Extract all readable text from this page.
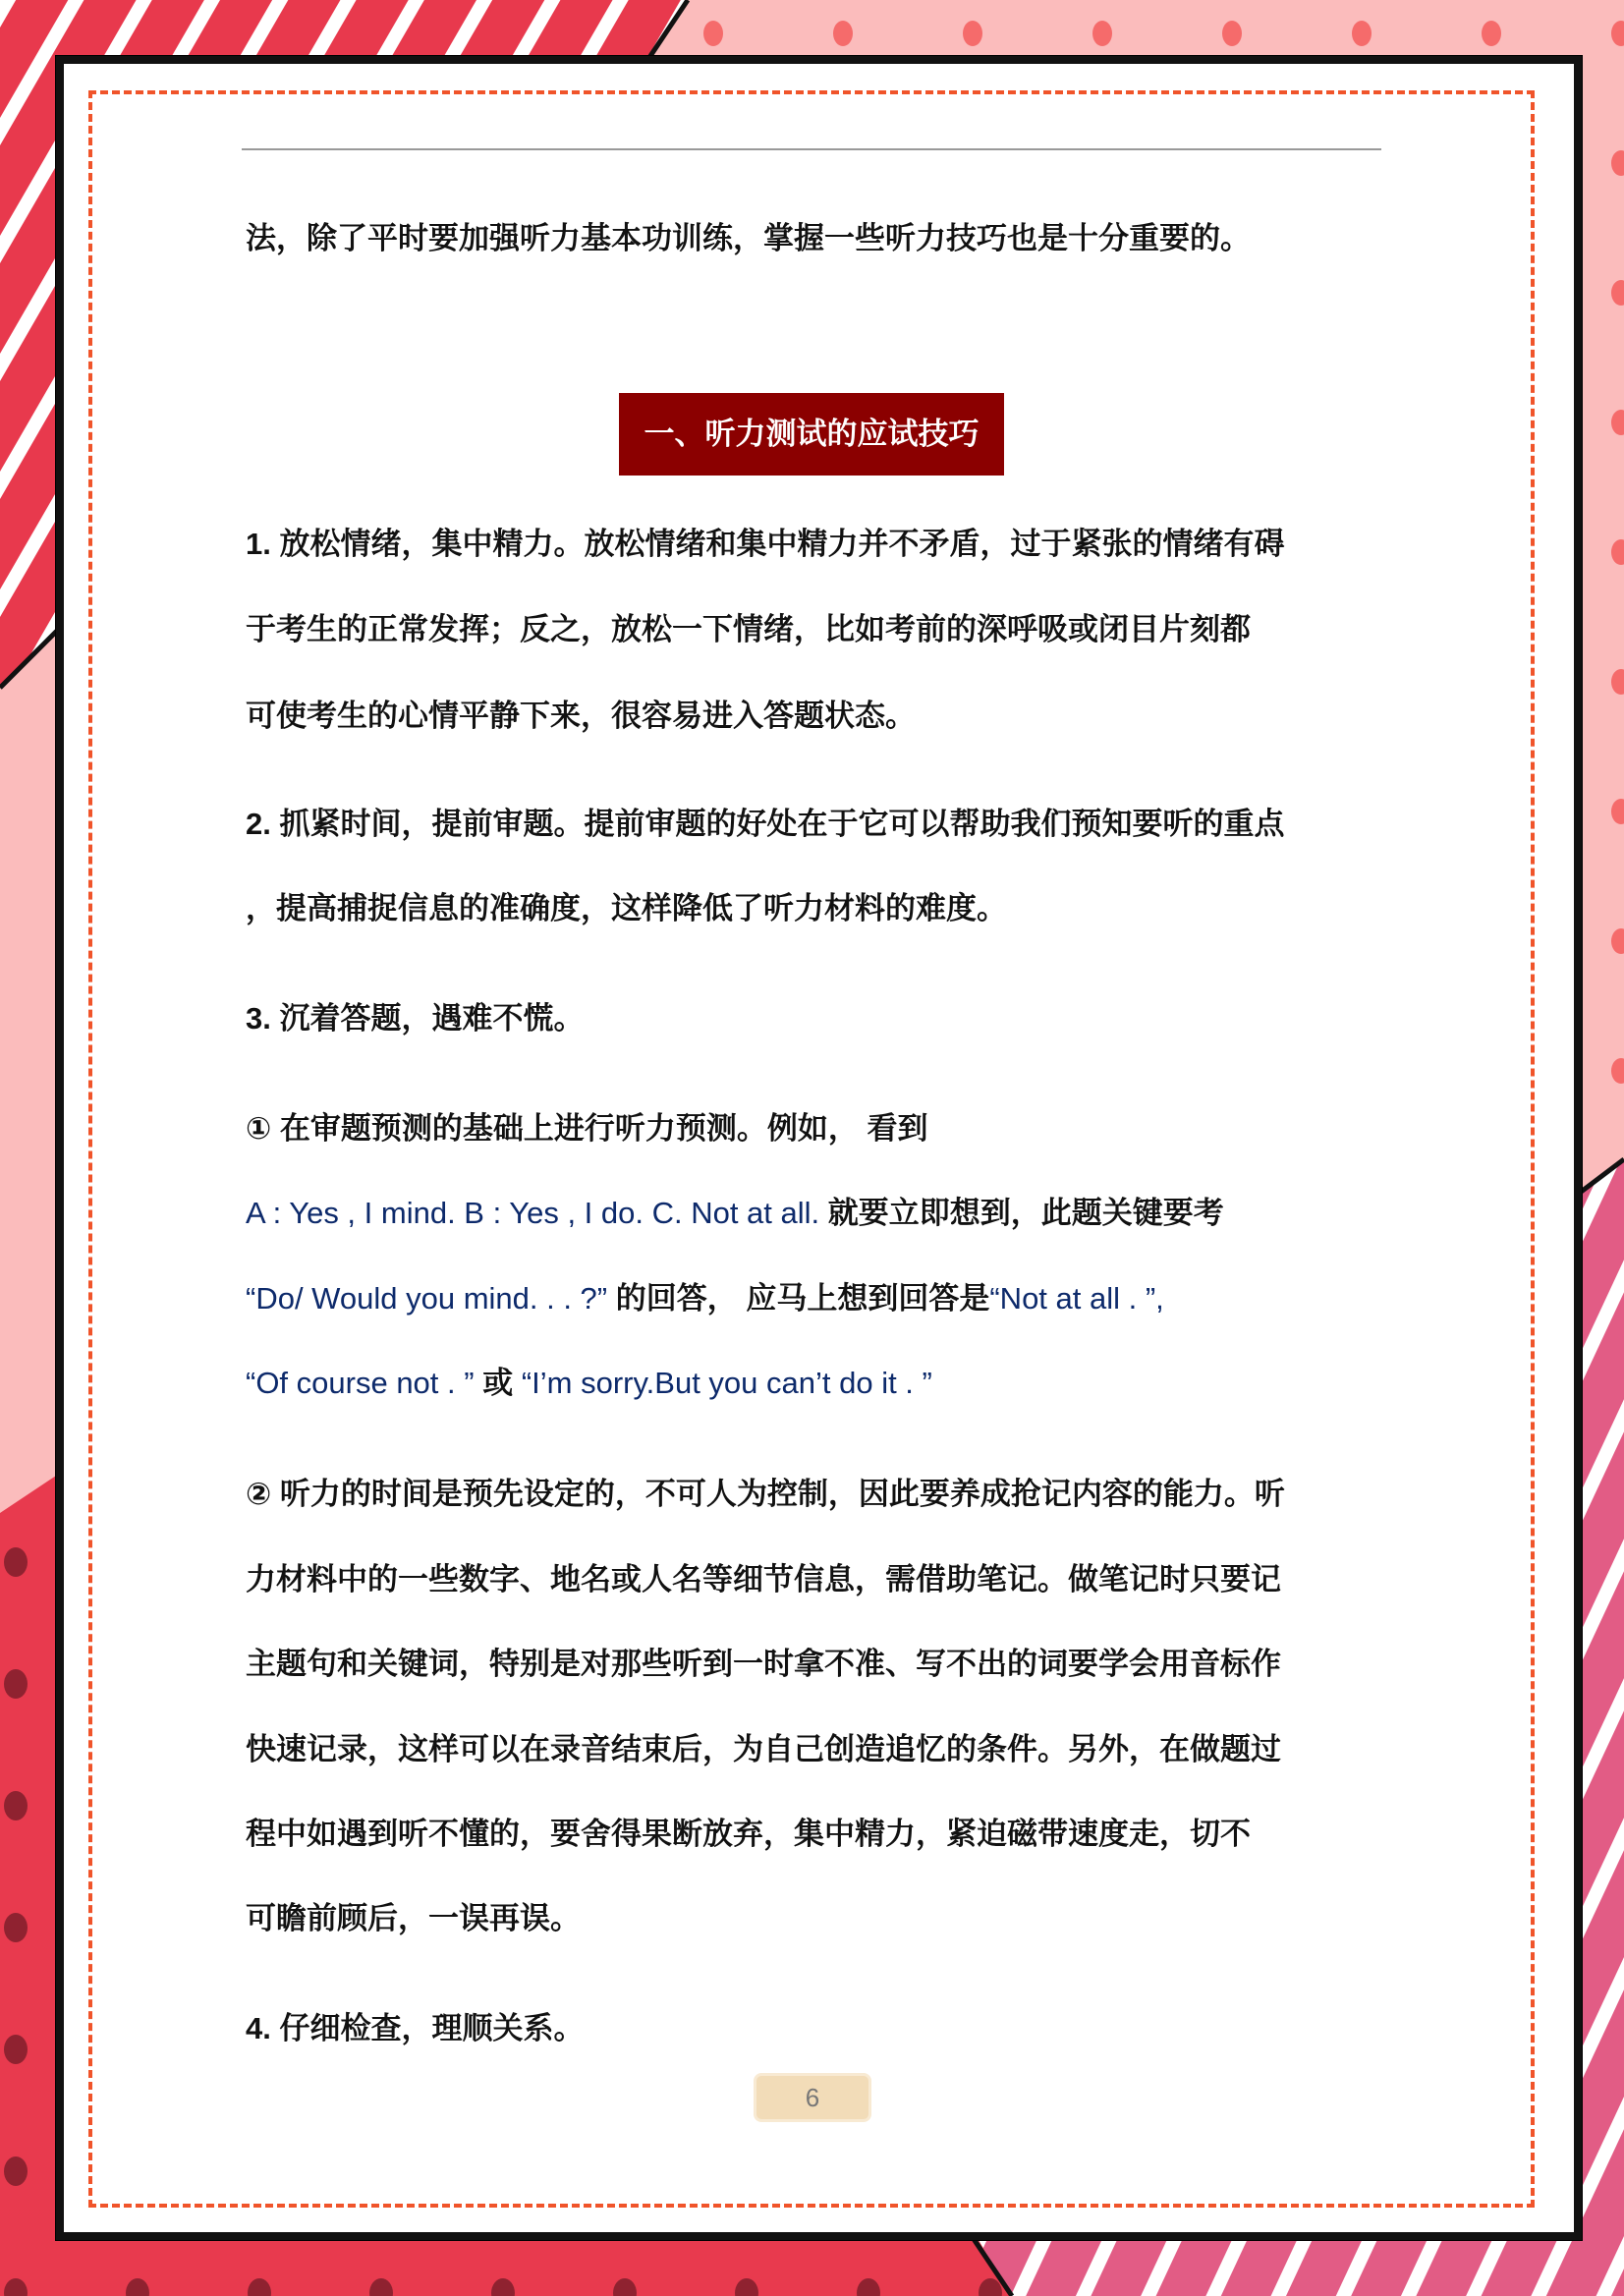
法，除了平时要加强听力基本功训练，掌握一些听力技巧也是十分重要的。
一、听力测试的应试技巧
1. 放松情绪，集中精力。放松情绪和集中精力并不矛盾，过于紧张的情绪有碍
于考生的正常发挥；反之，放松一下情绪，比如考前的深呼吸或闭目片刻都
可使考生的心情平静下来，很容易进入答题状态。
2. 抓紧时间，提前审题。提前审题的好处在于它可以帮助我们预知要听的重点
，提高捕捉信息的准确度，这样降低了听力材料的难度。
3. 沉着答题，遇难不慌。
① 在审题预测的基础上进行听力预测。例如， 看到
A : Yes , I mind. B : Yes , I do. C. Not at all. 就要立即想到，此题关键要考
“Do/ Would you mind. . . ?” 的回答， 应马上想到回答是“Not at all . ”,
“Of course not . ” 或 “I’m sorry.But you can’t do it . ”
② 听力的时间是预先设定的，不可人为控制，因此要养成抢记内容的能力。听
力材料中的一些数字、地名或人名等细节信息，需借助笔记。做笔记时只要记
主题句和关键词，特别是对那些听到一时拿不准、写不出的词要学会用音标作
快速记录，这样可以在录音结束后，为自己创造追忆的条件。另外，在做题过
程中如遇到听不懂的，要舍得果断放弃，集中精力，紧迫磁带速度走，切不
可瞻前顾后，一误再误。
4. 仔细检查，理顺关系。
6
